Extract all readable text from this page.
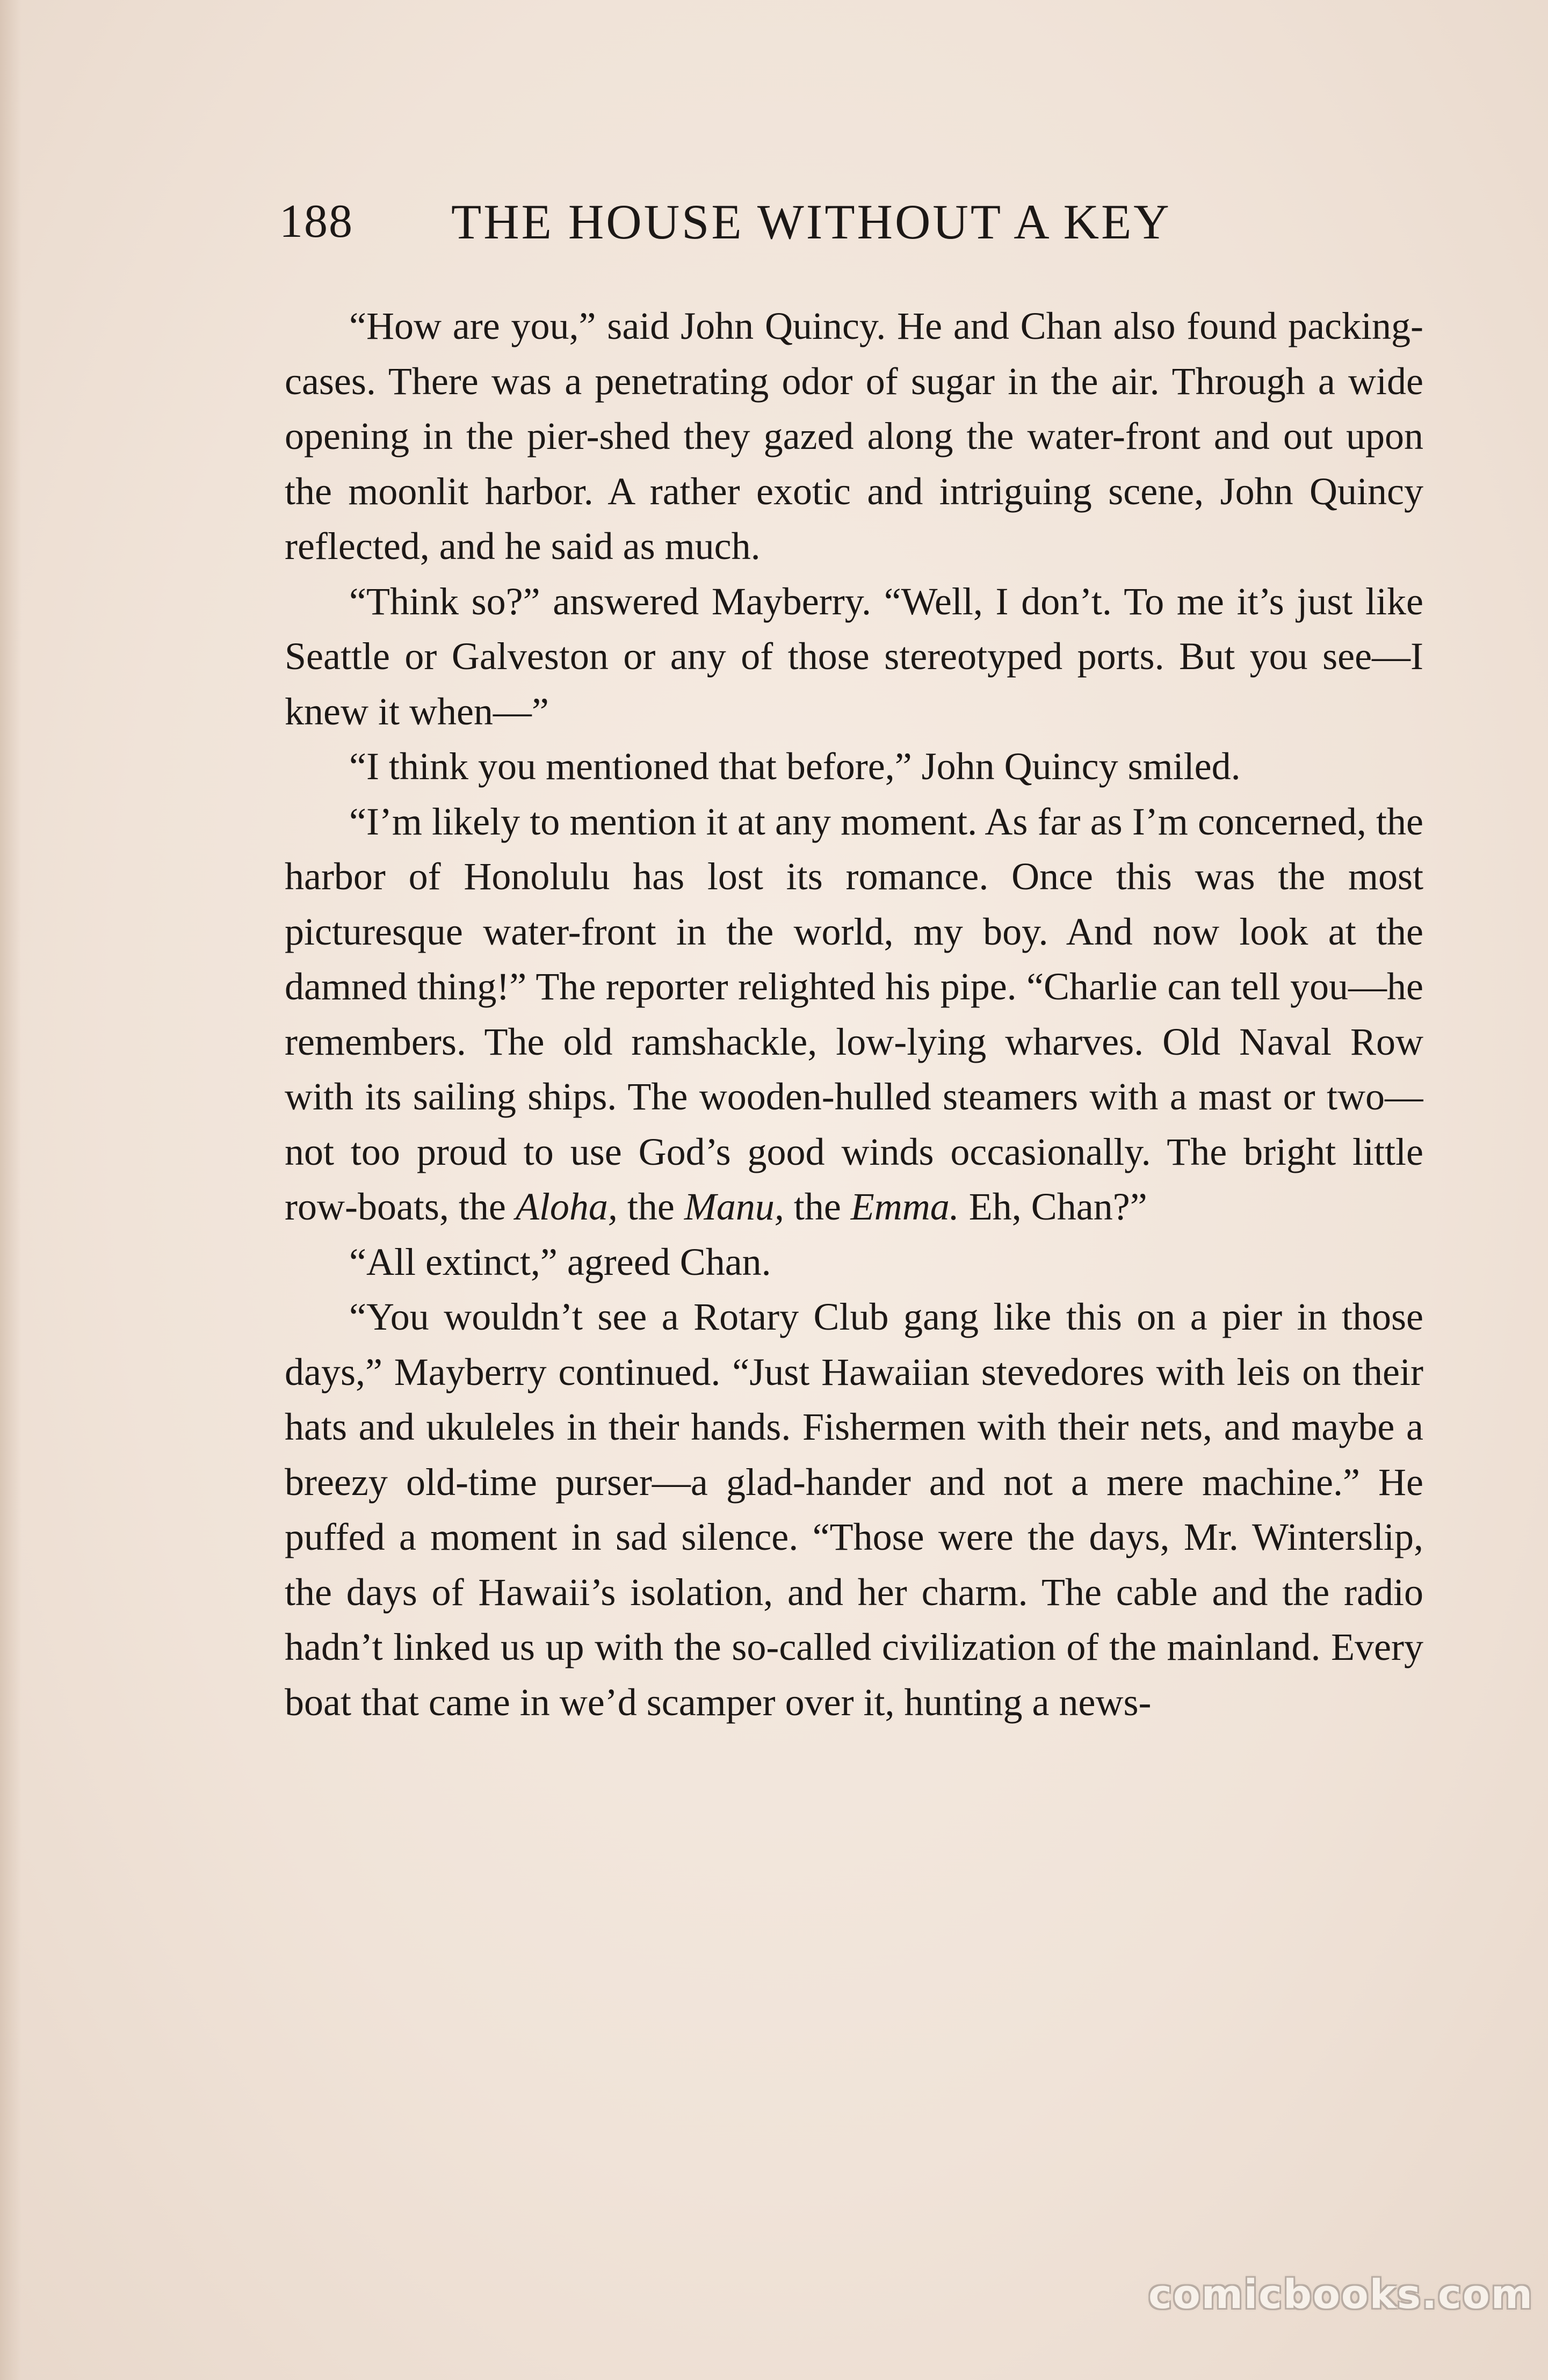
188 THE HOUSE WITHOUT A KEY

“How are you,” said John Quincy. He and Chan also found packing-cases. There was a penetrating odor of sugar in the air. Through a wide opening in the pier-shed they gazed along the water-front and out upon the moonlit harbor. A rather exotic and intriguing scene, John Quincy reflected, and he said as much.

“Think so?” answered Mayberry. “Well, I don’t. To me it’s just like Seattle or Galveston or any of those stereotyped ports. But you see—I knew it when—”

“I think you mentioned that before,” John Quincy smiled.

“I’m likely to mention it at any moment. As far as I’m concerned, the harbor of Honolulu has lost its romance. Once this was the most picturesque water-front in the world, my boy. And now look at the damned thing!” The reporter relighted his pipe. “Charlie can tell you—he remembers. The old ramshackle, low-lying wharves. Old Naval Row with its sailing ships. The wooden-hulled steamers with a mast or two—not too proud to use God’s good winds occasionally. The bright little row-boats, the Aloha, the Manu, the Emma. Eh, Chan?”

“All extinct,” agreed Chan.

“You wouldn’t see a Rotary Club gang like this on a pier in those days,” Mayberry continued. “Just Hawaiian stevedores with leis on their hats and ukuleles in their hands. Fishermen with their nets, and maybe a breezy old-time purser—a glad-hander and not a mere machine.” He puffed a moment in sad silence. “Those were the days, Mr. Winterslip, the days of Hawaii’s isolation, and her charm. The cable and the radio hadn’t linked us up with the so-called civilization of the mainland. Every boat that came in we’d scamper over it, hunting a news-

comicbooks.com
